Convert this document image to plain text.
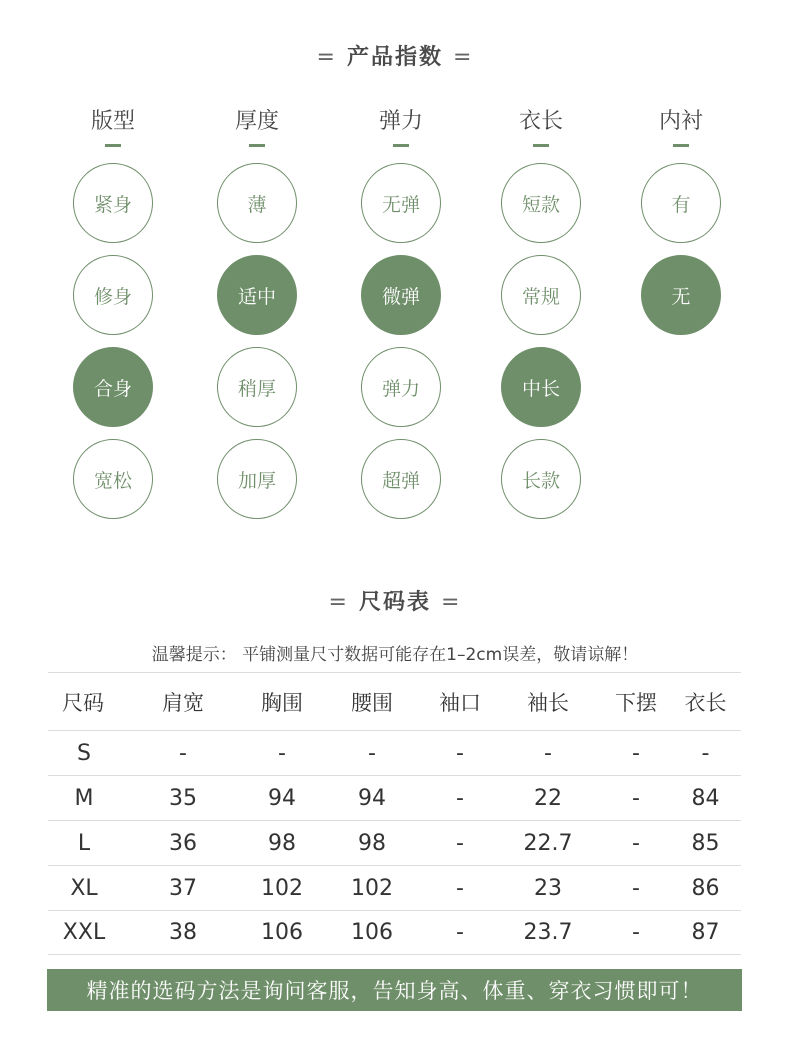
= 产品指数 =
版型
紧身
修身
合身
宽松
厚度
薄
适中
稍厚
加厚
弹力
无弹
微弹
弹力
超弹
衣长
短款
常规
中长
长款
内衬
有
无
= 尺码表 =
温馨提示： 平铺测量尺寸数据可能存在1–2cm误差，敬请谅解！
尺码	肩宽	胸围	腰围	袖口	袖长	下摆	衣长
S	-	-	-	-	-	-	-
M	35	94	94	-	22	-	84
L	36	98	98	-	22.7	-	85
XL	37	102	102	-	23	-	86
XXL	38	106	106	-	23.7	-	87
精准的选码方法是询问客服，告知身高、体重、穿衣习惯即可！
